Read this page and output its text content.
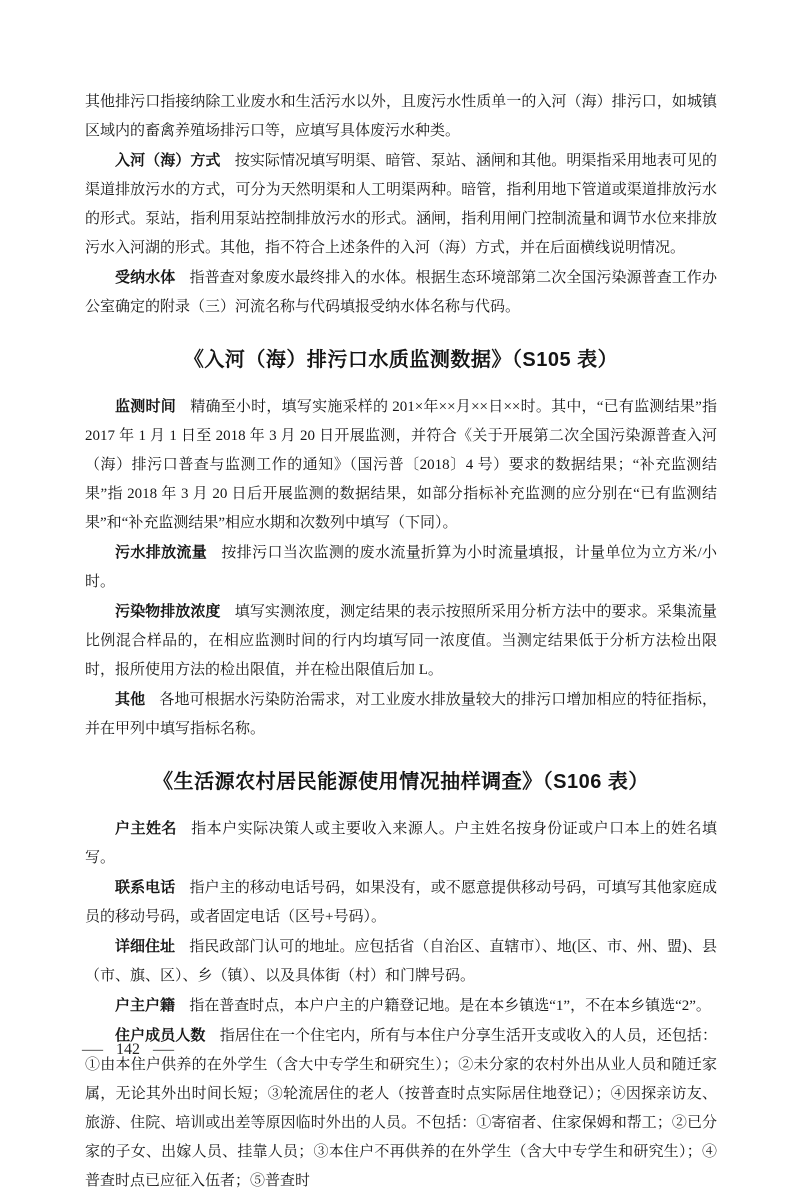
其他排污口指接纳除工业废水和生活污水以外，且废污水性质单一的入河（海）排污口，如城镇区域内的畜禽养殖场排污口等，应填写具体废污水种类。

入河（海）方式 按实际情况填写明渠、暗管、泵站、涵闸和其他。明渠指采用地表可见的渠道排放污水的方式，可分为天然明渠和人工明渠两种。暗管，指利用地下管道或渠道排放污水的形式。泵站，指利用泵站控制排放污水的形式。涵闸，指利用闸门控制流量和调节水位来排放污水入河湖的形式。其他，指不符合上述条件的入河（海）方式，并在后面横线说明情况。

受纳水体 指普查对象废水最终排入的水体。根据生态环境部第二次全国污染源普查工作办公室确定的附录（三）河流名称与代码填报受纳水体名称与代码。

《入河（海）排污口水质监测数据》（S105 表）

监测时间 精确至小时，填写实施采样的 201×年××月××日××时。其中，“已有监测结果”指 2017 年 1 月 1 日至 2018 年 3 月 20 日开展监测，并符合《关于开展第二次全国污染源普查入河（海）排污口普查与监测工作的通知》（国污普〔2018〕4 号）要求的数据结果；“补充监测结果”指 2018 年 3 月 20 日后开展监测的数据结果，如部分指标补充监测的应分别在“已有监测结果”和“补充监测结果”相应水期和次数列中填写（下同）。

污水排放流量 按排污口当次监测的废水流量折算为小时流量填报，计量单位为立方米/小时。

污染物排放浓度 填写实测浓度，测定结果的表示按照所采用分析方法中的要求。采集流量比例混合样品的，在相应监测时间的行内均填写同一浓度值。当测定结果低于分析方法检出限时，报所使用方法的检出限值，并在检出限值后加 L。

其他 各地可根据水污染防治需求，对工业废水排放量较大的排污口增加相应的特征指标，并在甲列中填写指标名称。

《生活源农村居民能源使用情况抽样调查》（S106 表）

户主姓名 指本户实际决策人或主要收入来源人。户主姓名按身份证或户口本上的姓名填写。

联系电话 指户主的移动电话号码，如果没有，或不愿意提供移动号码，可填写其他家庭成员的移动号码，或者固定电话（区号+号码）。

详细住址 指民政部门认可的地址。应包括省（自治区、直辖市）、地(区、市、州、盟)、县（市、旗、区）、乡（镇）、以及具体街（村）和门牌号码。

户主户籍 指在普查时点，本户户主的户籍登记地。是在本乡镇选“1”，不在本乡镇选“2”。

住户成员人数 指居住在一个住宅内，所有与本住户分享生活开支或收入的人员，还包括：①由本住户供养的在外学生（含大中专学生和研究生）；②未分家的农村外出从业人员和随迁家属，无论其外出时间长短；③轮流居住的老人（按普查时点实际居住地登记）；④因探亲访友、旅游、住院、培训或出差等原因临时外出的人员。不包括：①寄宿者、住家保姆和帮工；②已分家的子女、出嫁人员、挂靠人员；③本住户不再供养的在外学生（含大中专学生和研究生）；④普查时点已应征入伍者；⑤普查时

— 142 —
